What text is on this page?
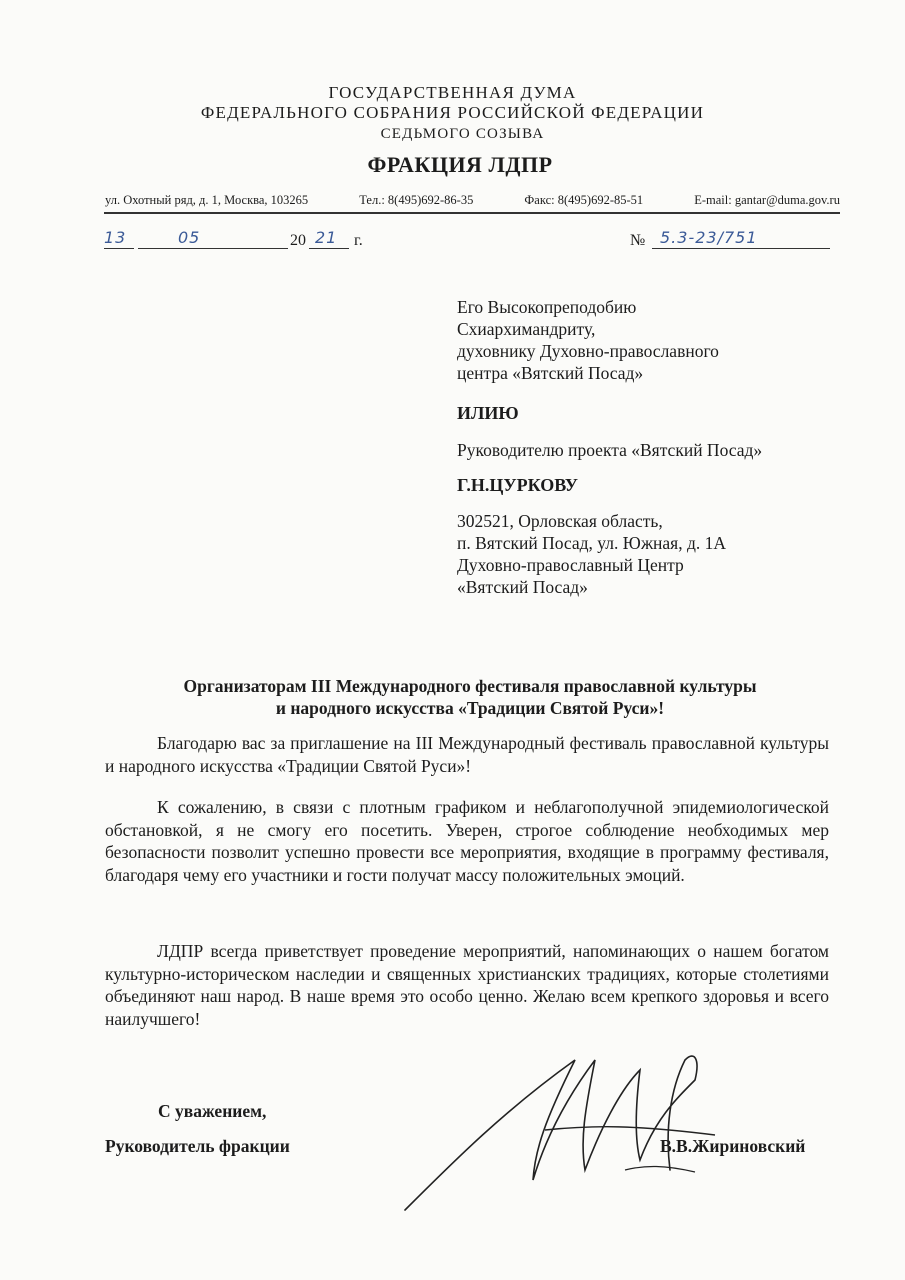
ГОСУДАРСТВЕННАЯ ДУМА
ФЕДЕРАЛЬНОГО СОБРАНИЯ РОССИЙСКОЙ ФЕДЕРАЦИИ
СЕДЬМОГО СОЗЫВА
ФРАКЦИЯ ЛДПР
ул. Охотный ряд, д. 1, Москва, 103265	Тел.: 8(495)692-86-35	Факс: 8(495)692-85-51	E-mail: gantar@duma.gov.ru
13	05	20 21	г.	№ 5.3-23/751
Его Высокопреподобию
Схиархимандриту,
духовнику Духовно-православного
центра «Вятский Посад»
ИЛИЮ
Руководителю проекта «Вятский Посад»
Г.Н.ЦУРКОВУ
302521, Орловская область,
п. Вятский Посад, ул. Южная, д. 1А
Духовно-православный Центр
«Вятский Посад»
Организаторам III Международного фестиваля православной культуры
и народного искусства «Традиции Святой Руси»!
Благодарю вас за приглашение на III Международный фестиваль православной культуры и народного искусства «Традиции Святой Руси»!
К сожалению, в связи с плотным графиком и неблагополучной эпидемиологической обстановкой, я не смогу его посетить. Уверен, строгое соблюдение необходимых мер безопасности позволит успешно провести все мероприятия, входящие в программу фестиваля, благодаря чему его участники и гости получат массу положительных эмоций.
ЛДПР всегда приветствует проведение мероприятий, напоминающих о нашем богатом культурно-историческом наследии и священных христианских традициях, которые столетиями объединяют наш народ. В наше время это особо ценно. Желаю всем крепкого здоровья и всего наилучшего!
С уважением,
Руководитель фракции	В.В.Жириновский
